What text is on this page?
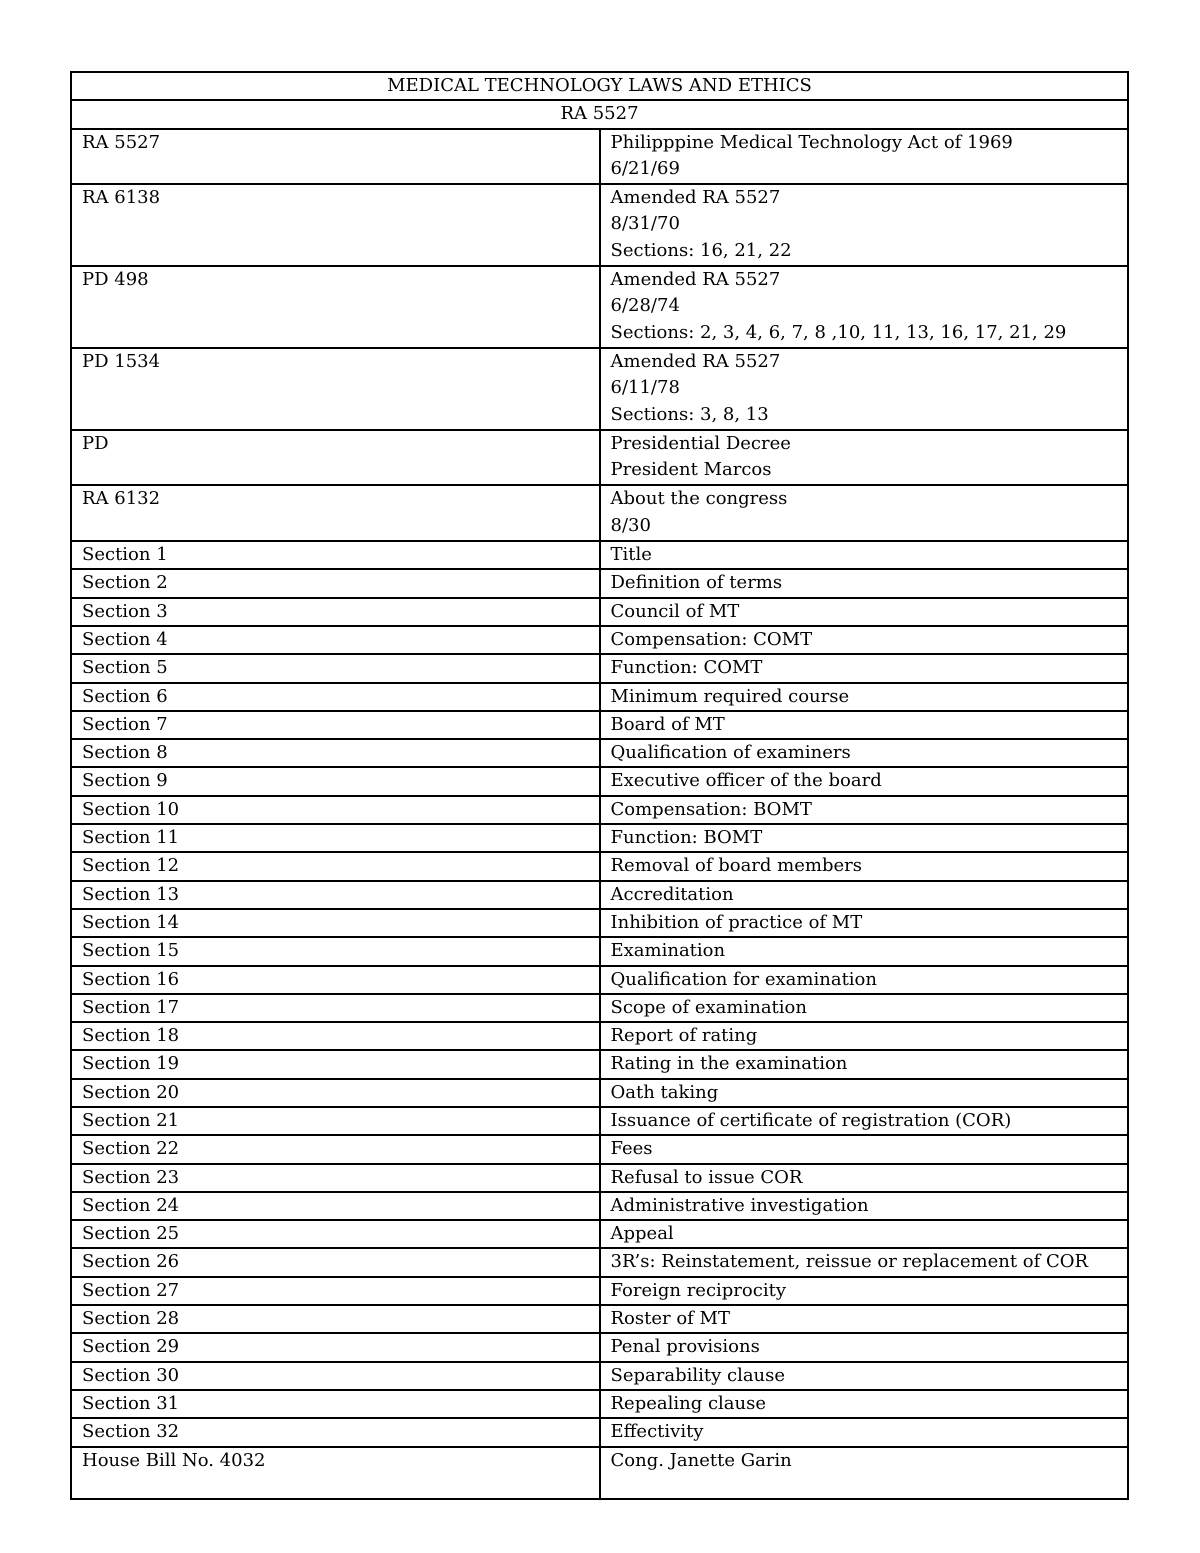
MEDICAL TECHNOLOGY LAWS AND ETHICS	
RA 5527	
RA 5527	Philipppine Medical Technology Act of 1969
6/21/69

RA 6138	Amended RA 5527
8/31/70
Sections: 16, 21, 22

PD 498	Amended RA 5527
6/28/74
Sections: 2, 3, 4, 6, 7, 8 ,10, 11, 13, 16, 17, 21, 29

PD 1534	Amended RA 5527
6/11/78
Sections: 3, 8, 13

PD	Presidential Decree
President Marcos

RA 6132	About the congress
8/30

Section 1	Title

Section 2	Definition of terms

Section 3	Council of MT

Section 4	Compensation: COMT

Section 5	Function: COMT

Section 6	Minimum required course

Section 7	Board of MT

Section 8	Qualification of examiners

Section 9	Executive officer of the board

Section 10	Compensation: BOMT

Section 11	Function: BOMT

Section 12	Removal of board members

Section 13	Accreditation

Section 14	Inhibition of practice of MT

Section 15	Examination

Section 16	Qualification for examination

Section 17	Scope of examination

Section 18	Report of rating

Section 19	Rating in the examination

Section 20	Oath taking

Section 21	Issuance of certificate of registration (COR)

Section 22	Fees

Section 23	Refusal to issue COR

Section 24	Administrative investigation

Section 25	Appeal

Section 26	3R’s: Reinstatement, reissue or replacement of COR

Section 27	Foreign reciprocity

Section 28	Roster of MT

Section 29	Penal provisions

Section 30	Separability clause

Section 31	Repealing clause

Section 32	Effectivity

House Bill No. 4032	Cong. Janette Garin
